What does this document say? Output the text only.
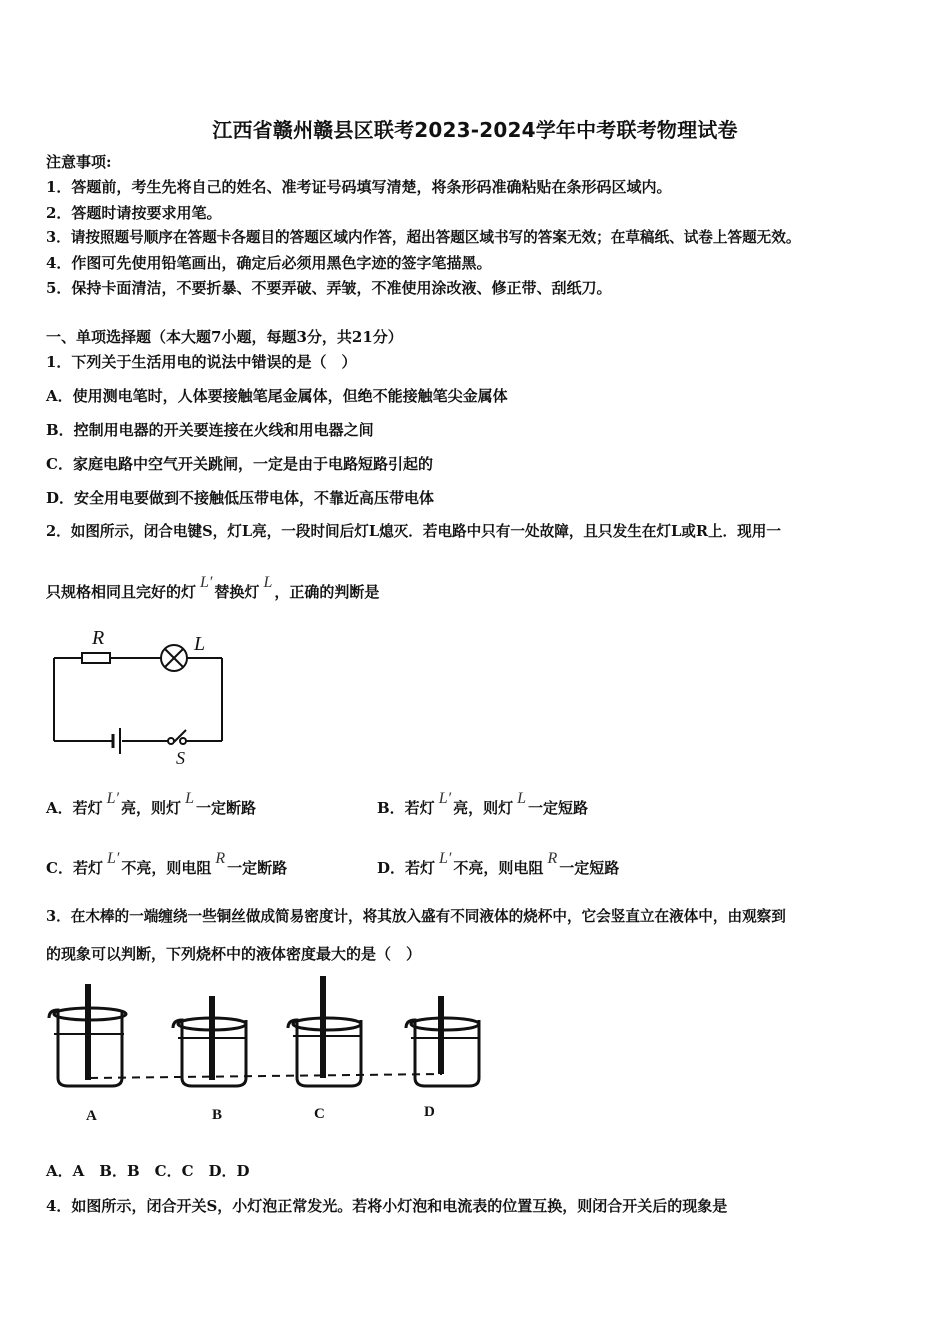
江西省赣州赣县区联考2023-2024学年中考联考物理试卷
注意事项:
1．答题前，考生先将自己的姓名、准考证号码填写清楚，将条形码准确粘贴在条形码区域内。
2．答题时请按要求用笔。
3．请按照题号顺序在答题卡各题目的答题区域内作答，超出答题区域书写的答案无效；在草稿纸、试卷上答题无效。
4．作图可先使用铅笔画出，确定后必须用黑色字迹的签字笔描黑。
5．保持卡面清洁，不要折暴、不要弄破、弄皱，不准使用涂改液、修正带、刮纸刀。
一、单项选择题（本大题7小题，每题3分，共21分）
1．下列关于生活用电的说法中错误的是（　）
A．使用测电笔时，人体要接触笔尾金属体，但绝不能接触笔尖金属体
B．控制用电器的开关要连接在火线和用电器之间
C．家庭电路中空气开关跳闸，一定是由于电路短路引起的
D．安全用电要做到不接触低压带电体，不靠近高压带电体
2．如图所示，闭合电键S，灯L亮，一段时间后灯L熄灭．若电路中只有一处故障，且只发生在灯L或R上．现用一
只规格相同且完好的灯L′替换灯L，正确的判断是
R	L
S
A．若灯L′亮，则灯L一定断路	B．若灯L′亮，则灯L一定短路
C．若灯L′不亮，则电阻R一定断路	D．若灯L′不亮，则电阻R一定短路
3．在木棒的一端缠绕一些铜丝做成简易密度计，将其放入盛有不同液体的烧杯中，它会竖直立在液体中，由观察到
的现象可以判断，下列烧杯中的液体密度最大的是（　）
A	B	C	D
A．A　B．B　C．C　D．D
4．如图所示，闭合开关S，小灯泡正常发光。若将小灯泡和电流表的位置互换，则闭合开关后的现象是
